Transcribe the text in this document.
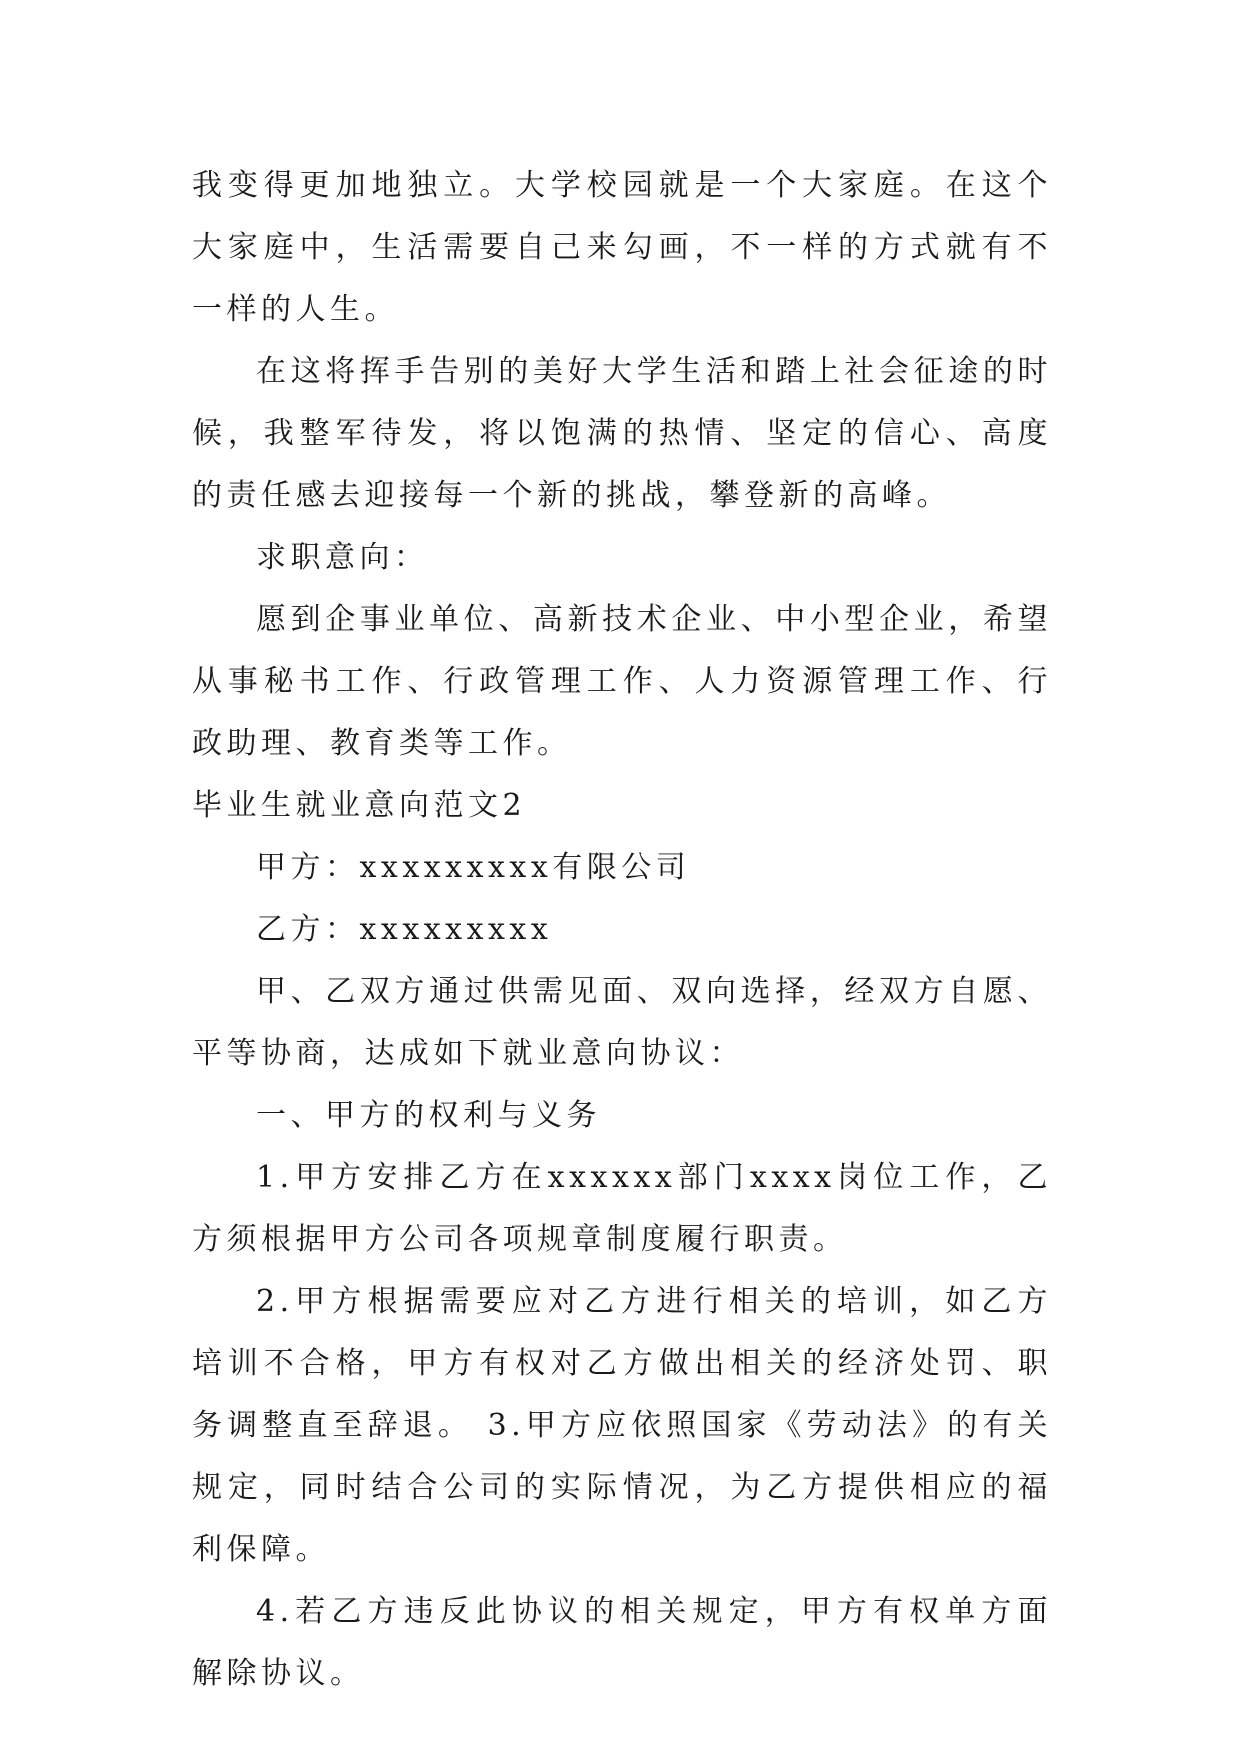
我变得更加地独立。大学校园就是一个大家庭。在这个大家庭中，生活需要自己来勾画，不一样的方式就有不一样的人生。

在这将挥手告别的美好大学生活和踏上社会征途的时候，我整军待发，将以饱满的热情、坚定的信心、高度的责任感去迎接每一个新的挑战，攀登新的高峰。

求职意向：

愿到企事业单位、高新技术企业、中小型企业，希望从事秘书工作、行政管理工作、人力资源管理工作、行政助理、教育类等工作。

毕业生就业意向范文2

甲方：xxxxxxxxx有限公司

乙方：xxxxxxxxx

甲、乙双方通过供需见面、双向选择，经双方自愿、平等协商，达成如下就业意向协议：

一、甲方的权利与义务

1.甲方安排乙方在xxxxxx部门xxxx岗位工作，乙方须根据甲方公司各项规章制度履行职责。

2.甲方根据需要应对乙方进行相关的培训，如乙方培训不合格，甲方有权对乙方做出相关的经济处罚、职务调整直至辞退。 3.甲方应依照国家《劳动法》的有关规定，同时结合公司的实际情况，为乙方提供相应的福利保障。

4.若乙方违反此协议的相关规定，甲方有权单方面解除协议。
